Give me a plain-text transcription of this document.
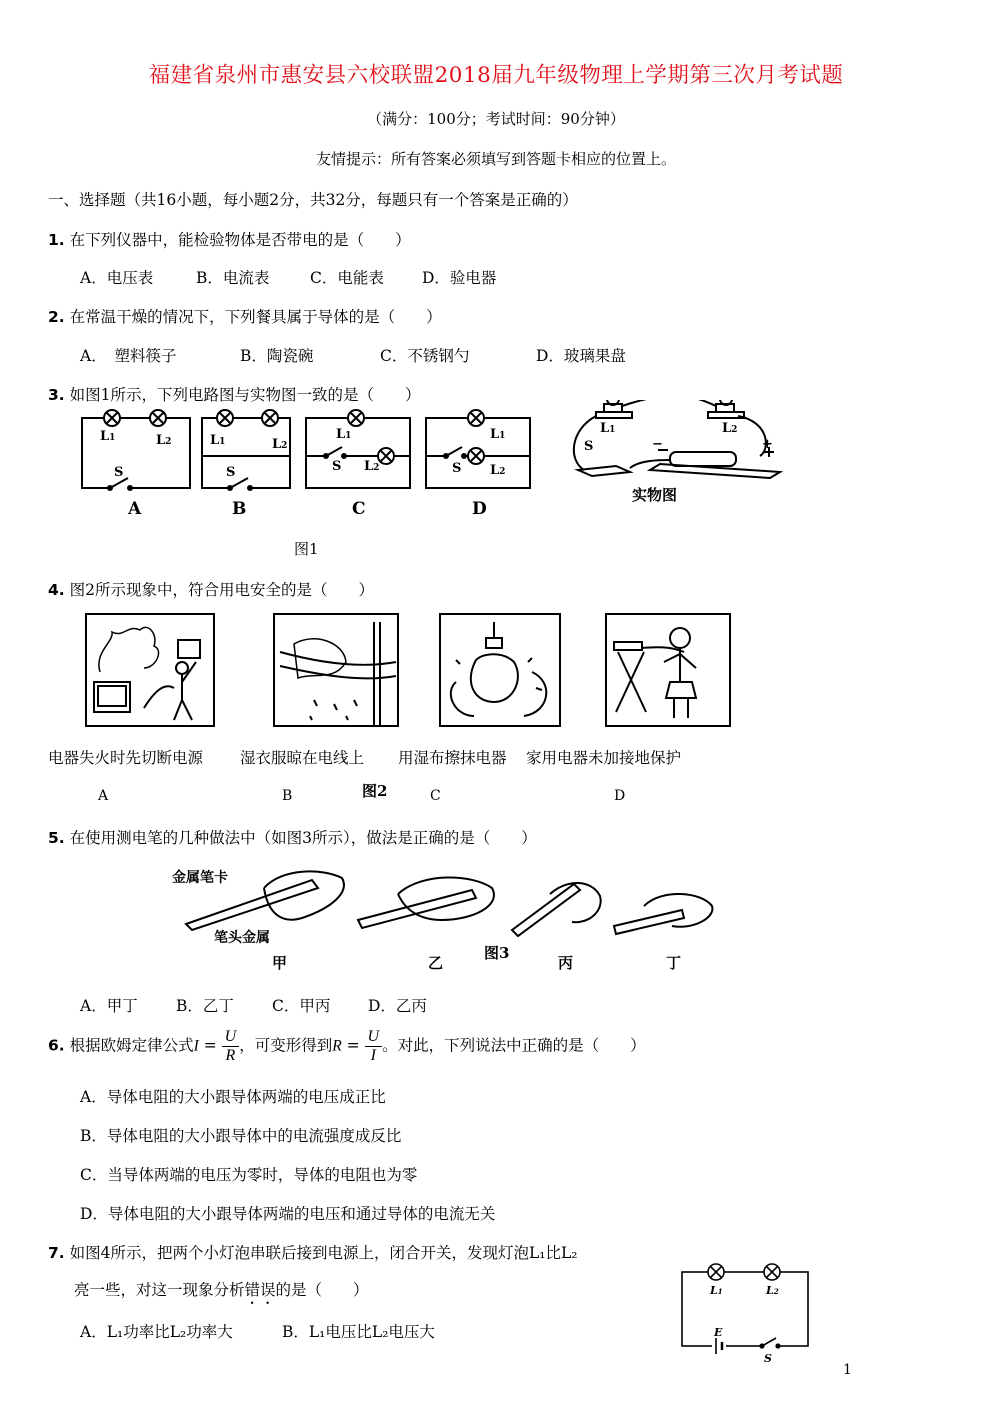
福建省泉州市惠安县六校联盟2018届九年级物理上学期第三次月考试题
（满分：100分；考试时间：90分钟）
友情提示：所有答案必须填写到答题卡相应的位置上。
一、选择题（共16小题，每小题2分，共32分，每题只有一个答案是正确的）
1. 在下列仪器中，能检验物体是否带电的是（　　）
A．电压表	B．电流表	C．电能表 D．验电器
2. 在常温干燥的情况下，下列餐具属于导体的是（　　）
A．　塑料筷子	B．陶瓷碗	C．不锈钢勺	D．玻璃果盘
3. 如图1所示，下列电路图与实物图一致的是（　　）
L1	L2
S
L1	L2
S
L1
L2
S
L1
L2
S
L1	L2
S	−	+
A	B	C	D
实物图
图1
4. 图2所示现象中，符合用电安全的是（　　）
电器失火时先切断电源 湿衣服晾在电线上 用湿布擦抹电器 家用电器未加接地保护
A	B	图2	C	D
5. 在使用测电笔的几种做法中（如图3所示），做法是正确的是（　　）
金属笔卡
笔头金属
甲	乙
图3
丙	丁
A．甲丁 B．乙丁 C．甲丙 D．乙丙
6. 根据欧姆定律公式$I = \frac{U}{R}$ ，可变形得到$R = \frac{U}{I}$ 。对此，下列说法中正确的是（　　）
A．导体电阻的大小跟导体两端的电压成正比
B．导体电阻的大小跟导体中的电流强度成反比
C．当导体两端的电压为零时，导体的电阻也为零
D．导体电阻的大小跟导体两端的电压和通过导体的电流无关
7. 如图4所示，把两个小灯泡串联后接到电源上，闭合开关，发现灯泡L₁比L₂
亮一些，对这一现象分析错误的是（　　）
A．L₁功率比L₂功率大	B．L₁电压比L₂电压大
L1	L2
E
S
1
